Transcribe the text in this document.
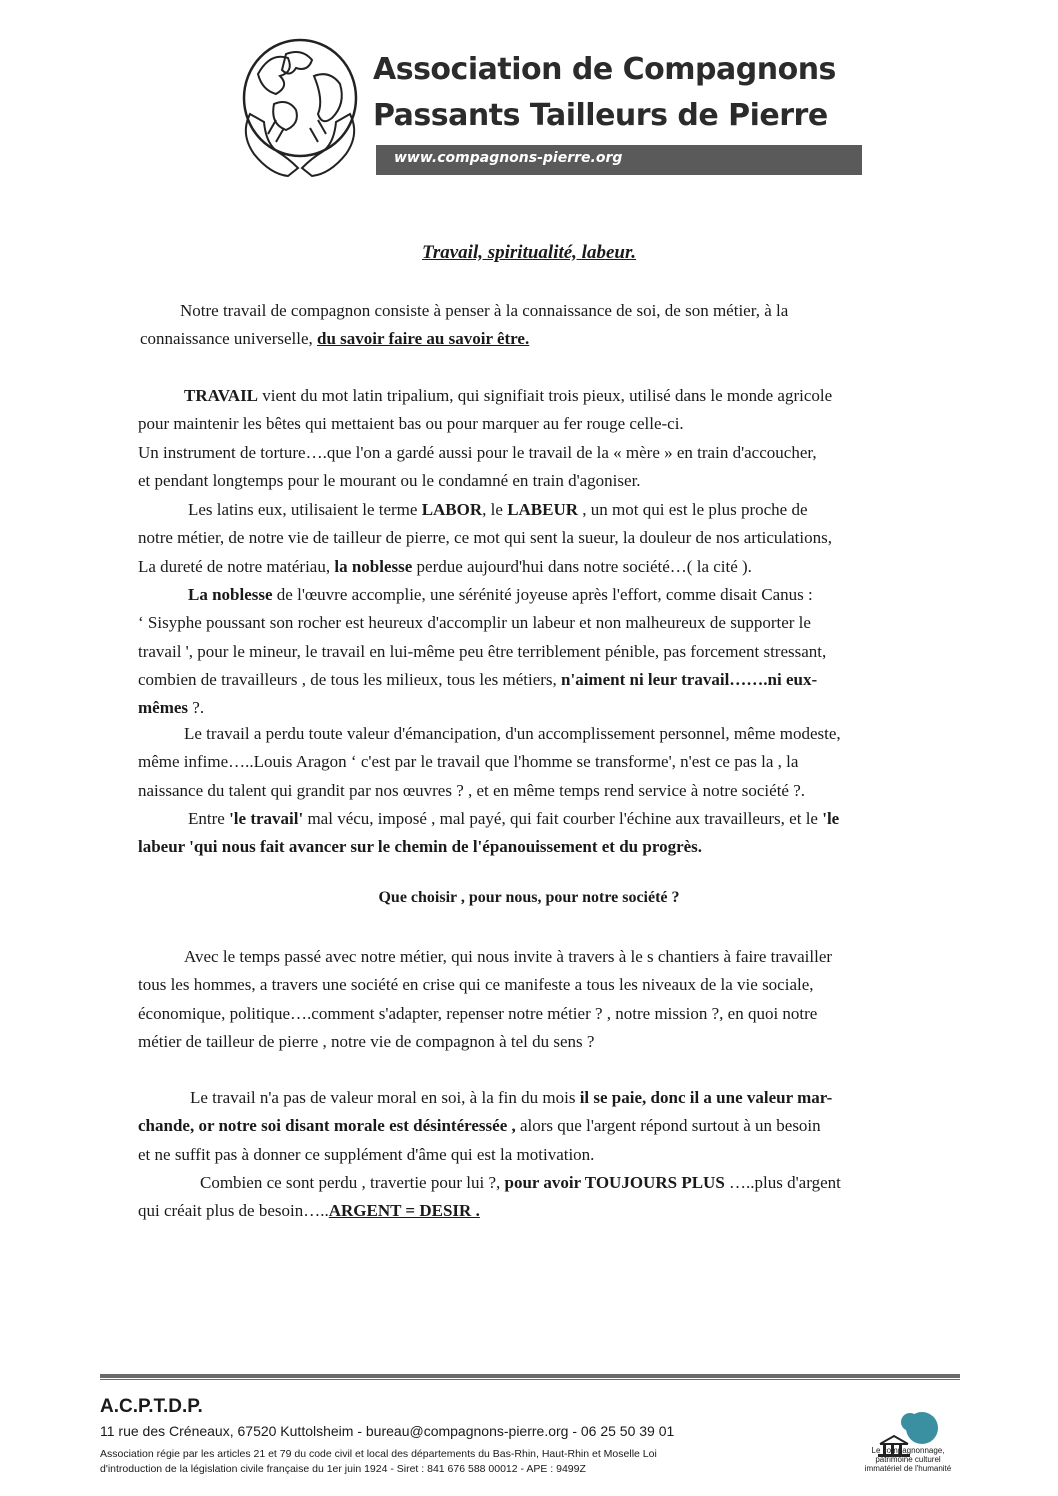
Association de Compagnons
Passants Tailleurs de Pierre
www.compagnons-pierre.org
Travail, spiritualité, labeur.
Notre travail de compagnon consiste à penser à la connaissance de soi, de son métier, à la
connaissance universelle, du savoir faire au savoir être.
TRAVAIL vient du mot latin tripalium, qui signifiait trois pieux, utilisé dans le monde agricole
pour maintenir les bêtes qui mettaient bas ou pour marquer au fer rouge celle-ci.
Un instrument de torture….que l'on a gardé aussi pour le travail de la « mère » en train d'accoucher,
et pendant longtemps pour le mourant ou le condamné en train d'agoniser.
Les latins eux, utilisaient le terme LABOR, le LABEUR , un mot qui est le plus proche de
notre métier, de notre vie de tailleur de pierre, ce mot qui sent la sueur, la douleur de nos articulations,
La dureté de notre matériau, la noblesse perdue aujourd'hui dans notre société…( la cité ).
La noblesse de l'œuvre accomplie, une sérénité joyeuse après l'effort, comme disait Canus :
‘ Sisyphe poussant son rocher est heureux d'accomplir un labeur et non malheureux de supporter le
travail ', pour le mineur, le travail en lui-même peu être terriblement pénible, pas forcement stressant,
combien de travailleurs , de tous les milieux, tous les métiers, n'aiment ni leur travail…….ni eux-
mêmes ?.
Le travail a perdu toute valeur d'émancipation, d'un accomplissement personnel, même modeste,
même infime…..Louis Aragon ‘ c'est par le travail que l'homme se transforme', n'est ce pas la , la
naissance du talent qui grandit par nos œuvres ? , et en même temps rend service à notre société ?.
Entre 'le travail' mal vécu, imposé , mal payé, qui fait courber l'échine aux travailleurs, et le 'le
labeur 'qui nous fait avancer sur le chemin de l'épanouissement et du progrès.
Que choisir , pour nous, pour notre société ?
Avec le temps passé avec notre métier, qui nous invite à travers à le s chantiers à faire travailler
tous les hommes, a travers une société en crise qui ce manifeste a tous les niveaux de la vie sociale,
économique, politique….comment s'adapter, repenser notre métier ? , notre mission ?, en quoi notre
métier de tailleur de pierre , notre vie de compagnon à tel du sens ?
Le travail n'a pas de valeur moral en soi, à la fin du mois il se paie, donc il a une valeur mar-
chande, or notre soi disant morale est désintéressée , alors que l'argent répond surtout à un besoin
et ne suffit pas à donner ce supplément d'âme qui est la motivation.
Combien ce sont perdu , travertie pour lui ?, pour avoir TOUJOURS PLUS …..plus d'argent
qui créait plus de besoin…..ARGENT = DESIR .
A.C.P.T.D.P.
11 rue des Créneaux, 67520 Kuttolsheim - bureau@compagnons-pierre.org - 06 25 50 39 01
Association régie par les articles 21 et 79 du code civil et local des départements du Bas-Rhin, Haut-Rhin et Moselle Loi
d'introduction de la législation civile française du 1er juin 1924 - Siret : 841 676 588 00012 - APE : 9499Z
Le compagnonnage,
patrimoine culturel
immatériel de l'humanité
